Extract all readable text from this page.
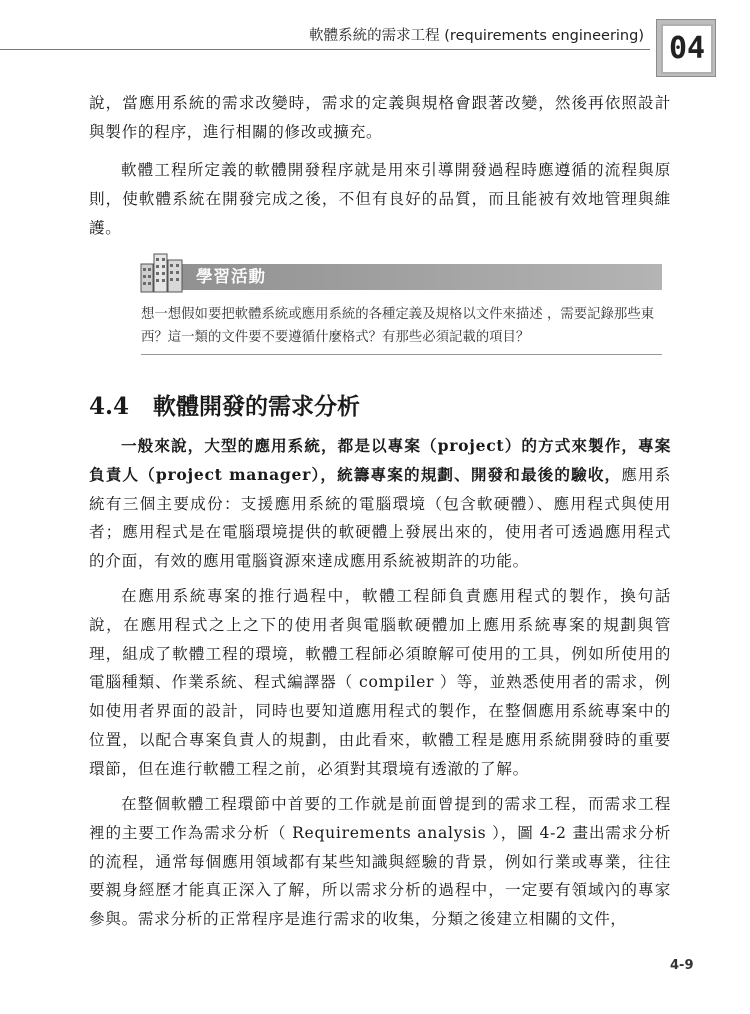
軟體系統的需求工程 (requirements engineering) 04

說，當應用系統的需求改變時，需求的定義與規格會跟著改變，然後再依照設計與製作的程序，進行相關的修改或擴充。

軟體工程所定義的軟體開發程序就是用來引導開發過程時應遵循的流程與原則，使軟體系統在開發完成之後，不但有良好的品質，而且能被有效地管理與維護。

學習活動

想一想假如要把軟體系統或應用系統的各種定義及規格以文件來描述 ，需要記錄那些東西？這一類的文件要不要遵循什麼格式？有那些必須記載的項目？

4.4 軟體開發的需求分析

一般來說，大型的應用系統，都是以專案（project）的方式來製作，專案負責人（project manager），統籌專案的規劃、開發和最後的驗收，應用系統有三個主要成份：支援應用系統的電腦環境（包含軟硬體）、應用程式與使用者；應用程式是在電腦環境提供的軟硬體上發展出來的，使用者可透過應用程式的介面，有效的應用電腦資源來達成應用系統被期許的功能。

在應用系統專案的推行過程中，軟體工程師負責應用程式的製作，換句話說，在應用程式之上之下的使用者與電腦軟硬體加上應用系統專案的規劃與管理，組成了軟體工程的環境，軟體工程師必須瞭解可使用的工具，例如所使用的電腦種類、作業系統、程式編譯器（ compiler ）等，並熟悉使用者的需求，例如使用者界面的設計，同時也要知道應用程式的製作，在整個應用系統專案中的位置，以配合專案負責人的規劃，由此看來，軟體工程是應用系統開發時的重要環節，但在進行軟體工程之前，必須對其環境有透澈的了解。

在整個軟體工程環節中首要的工作就是前面曾提到的需求工程，而需求工程裡的主要工作為需求分析（ Requirements analysis ），圖 4-2 畫出需求分析的流程，通常每個應用領域都有某些知識與經驗的背景，例如行業或專業，往往要親身經歷才能真正深入了解，所以需求分析的過程中，一定要有領域內的專家參與。需求分析的正常程序是進行需求的收集，分類之後建立相關的文件，

4-9
